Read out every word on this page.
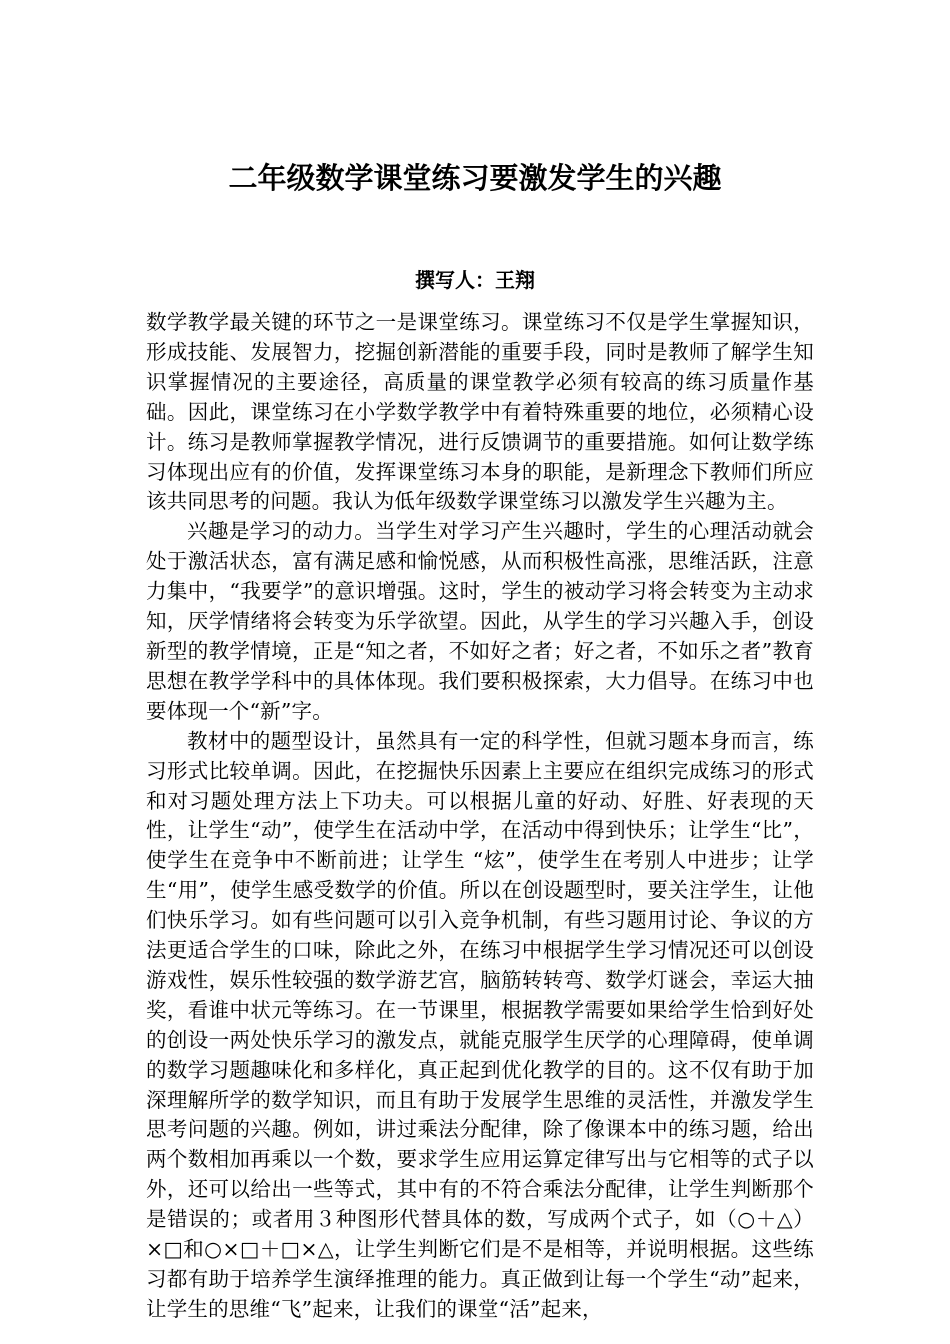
二年级数学课堂练习要激发学生的兴趣
撰写人：王翔

数学教学最关键的环节之一是课堂练习。课堂练习不仅是学生掌握知识，形成技能、发展智力，挖掘创新潜能的重要手段，同时是教师了解学生知识掌握情况的主要途径，高质量的课堂教学必须有较高的练习质量作基础。因此，课堂练习在小学数学教学中有着特殊重要的地位，必须精心设计。练习是教师掌握教学情况，进行反馈调节的重要措施。如何让数学练习体现出应有的价值，发挥课堂练习本身的职能，是新理念下教师们所应该共同思考的问题。我认为低年级数学课堂练习以激发学生兴趣为主。

兴趣是学习的动力。当学生对学习产生兴趣时，学生的心理活动就会处于激活状态，富有满足感和愉悦感，从而积极性高涨，思维活跃，注意力集中，“我要学”的意识增强。这时，学生的被动学习将会转变为主动求知，厌学情绪将会转变为乐学欲望。因此，从学生的学习兴趣入手，创设新型的教学情境，正是“知之者，不如好之者；好之者，不如乐之者”教育思想在教学学科中的具体体现。我们要积极探索，大力倡导。在练习中也要体现一个“新”字。

教材中的题型设计，虽然具有一定的科学性，但就习题本身而言，练习形式比较单调。因此，在挖掘快乐因素上主要应在组织完成练习的形式和对习题处理方法上下功夫。可以根据儿童的好动、好胜、好表现的天性，让学生“动”，使学生在活动中学，在活动中得到快乐；让学生“比”，使学生在竞争中不断前进；让学生 “炫”，使学生在考别人中进步；让学生“用”，使学生感受数学的价值。所以在创设题型时，要关注学生，让他们快乐学习。如有些问题可以引入竞争机制，有些习题用讨论、争议的方法更适合学生的口味，除此之外，在练习中根据学生学习情况还可以创设游戏性，娱乐性较强的数学游艺宫，脑筋转转弯、数学灯谜会，幸运大抽奖，看谁中状元等练习。在一节课里，根据教学需要如果给学生恰到好处的创设一两处快乐学习的激发点，就能克服学生厌学的心理障碍，使单调的数学习题趣味化和多样化，真正起到优化教学的目的。这不仅有助于加深理解所学的数学知识，而且有助于发展学生思维的灵活性，并激发学生思考问题的兴趣。例如，讲过乘法分配律，除了像课本中的练习题，给出两个数相加再乘以一个数，要求学生应用运算定律写出与它相等的式子以外，还可以给出一些等式，其中有的不符合乘法分配律，让学生判断那个是错误的；或者用３种图形代替具体的数，写成两个式子，如（○＋△）×□和○×□＋□×△，让学生判断它们是不是相等，并说明根据。这些练习都有助于培养学生演绎推理的能力。真正做到让每一个学生“动”起来，让学生的思维“飞”起来，让我们的课堂“活”起来，
